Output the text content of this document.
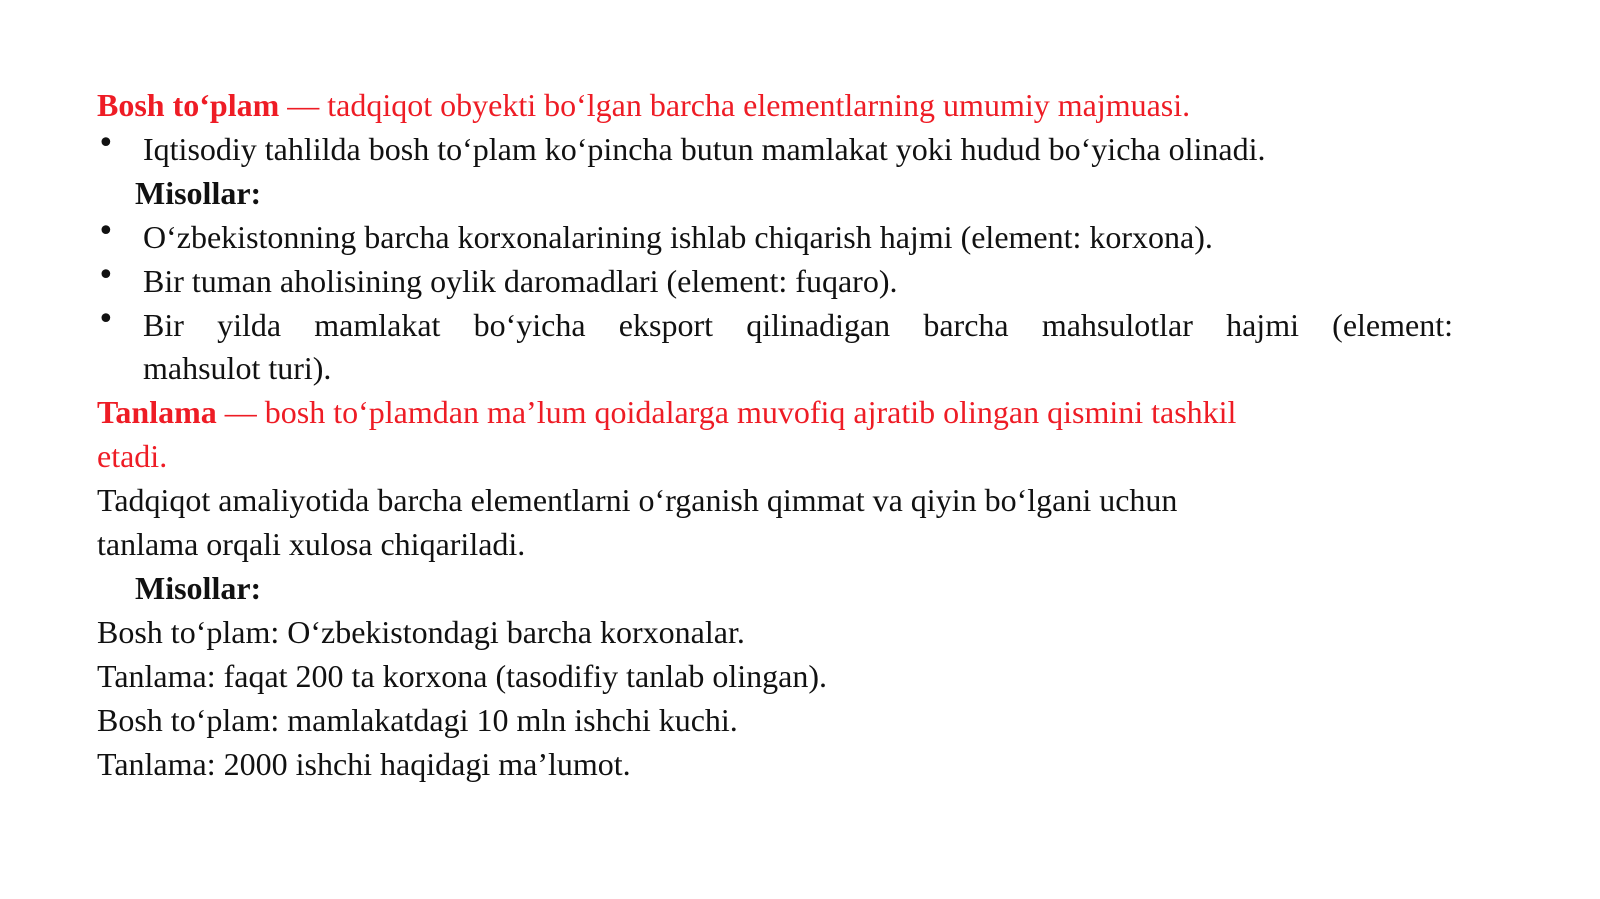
Bosh to‘plam — tadqiqot obyekti bo‘lgan barcha elementlarning umumiy majmuasi.
• Iqtisodiy tahlilda bosh to‘plam ko‘pincha butun mamlakat yoki hudud bo‘yicha olinadi.
Misollar:
• O‘zbekistonning barcha korxonalarining ishlab chiqarish hajmi (element: korxona).
• Bir tuman aholisining oylik daromadlari (element: fuqaro).
• Bir yilda mamlakat bo‘yicha eksport qilinadigan barcha mahsulotlar hajmi (element:
mahsulot turi).
Tanlama — bosh to‘plamdan ma’lum qoidalarga muvofiq ajratib olingan qismini tashkil
etadi.
Tadqiqot amaliyotida barcha elementlarni o‘rganish qimmat va qiyin bo‘lgani uchun
tanlama orqali xulosa chiqariladi.
Misollar:
Bosh to‘plam: O‘zbekistondagi barcha korxonalar.
Tanlama: faqat 200 ta korxona (tasodifiy tanlab olingan).
Bosh to‘plam: mamlakatdagi 10 mln ishchi kuchi.
Tanlama: 2000 ishchi haqidagi ma’lumot.
